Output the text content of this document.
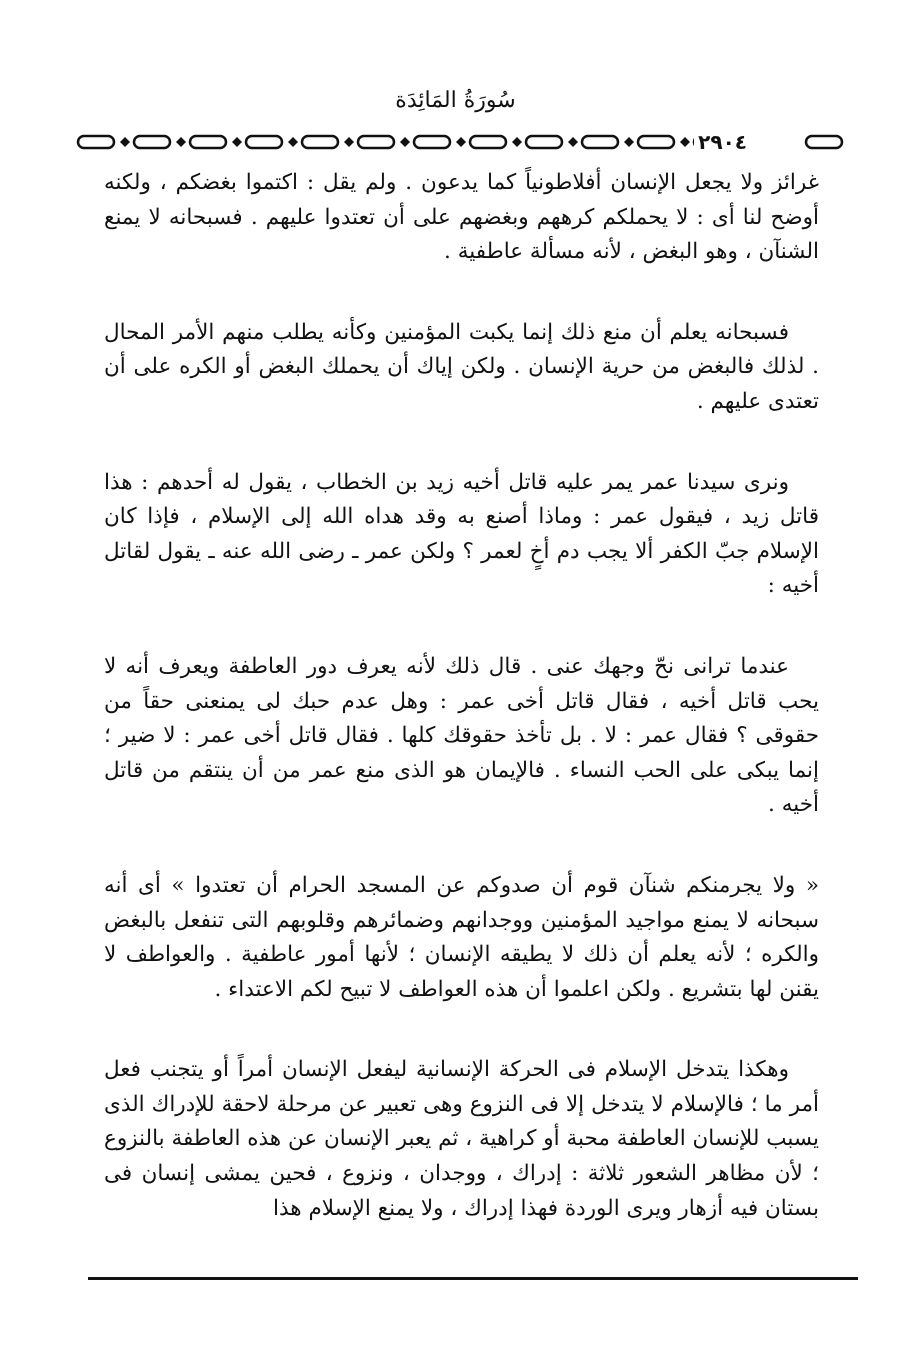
سُورَةُ المَائِدَة
٢٩٠٤

غرائز ولا يجعل الإنسان أفلاطونياً كما يدعون . ولم يقل : اكتموا بغضكم ، ولكنه أوضح لنا أى : لا يحملكم كرههم وبغضهم على أن تعتدوا عليهم . فسبحانه لا يمنع الشنآن ، وهو البغض ، لأنه مسألة عاطفية .

فسبحانه يعلم أن منع ذلك إنما يكبت المؤمنين وكأنه يطلب منهم الأمر المحال . لذلك فالبغض من حرية الإنسان . ولكن إياك أن يحملك البغض أو الكره على أن تعتدى عليهم .

ونرى سيدنا عمر يمر عليه قاتل أخيه زيد بن الخطاب ، يقول له أحدهم : هذا قاتل زيد ، فيقول عمر : وماذا أصنع به وقد هداه الله إلى الإسلام ، فإذا كان الإسلام جبّ الكفر ألا يجب دم أخٍ لعمر ؟ ولكن عمر ـ رضى الله عنه ـ يقول لقاتل أخيه :

عندما ترانى نحّ وجهك عنى . قال ذلك لأنه يعرف دور العاطفة ويعرف أنه لا يحب قاتل أخيه ، فقال قاتل أخى عمر : وهل عدم حبك لى يمنعنى حقاً من حقوقى ؟ فقال عمر : لا . بل تأخذ حقوقك كلها . فقال قاتل أخى عمر : لا ضير ؛ إنما يبكى على الحب النساء . فالإيمان هو الذى منع عمر من أن ينتقم من قاتل أخيه .

« ولا يجرمنكم شنآن قوم أن صدوكم عن المسجد الحرام أن تعتدوا » أى أنه سبحانه لا يمنع مواجيد المؤمنين ووجدانهم وضمائرهم وقلوبهم التى تنفعل بالبغض والكره ؛ لأنه يعلم أن ذلك لا يطيقه الإنسان ؛ لأنها أمور عاطفية . والعواطف لا يقنن لها بتشريع . ولكن اعلموا أن هذه العواطف لا تبيح لكم الاعتداء .

وهكذا يتدخل الإسلام فى الحركة الإنسانية ليفعل الإنسان أمراً أو يتجنب فعل أمر ما ؛ فالإسلام لا يتدخل إلا فى النزوع وهى تعبير عن مرحلة لاحقة للإدراك الذى يسبب للإنسان العاطفة محبة أو كراهية ، ثم يعبر الإنسان عن هذه العاطفة بالنزوع ؛ لأن مظاهر الشعور ثلاثة : إدراك ، ووجدان ، ونزوع ، فحين يمشى إنسان فى بستان فيه أزهار ويرى الوردة فهذا إدراك ، ولا يمنع الإسلام هذا
